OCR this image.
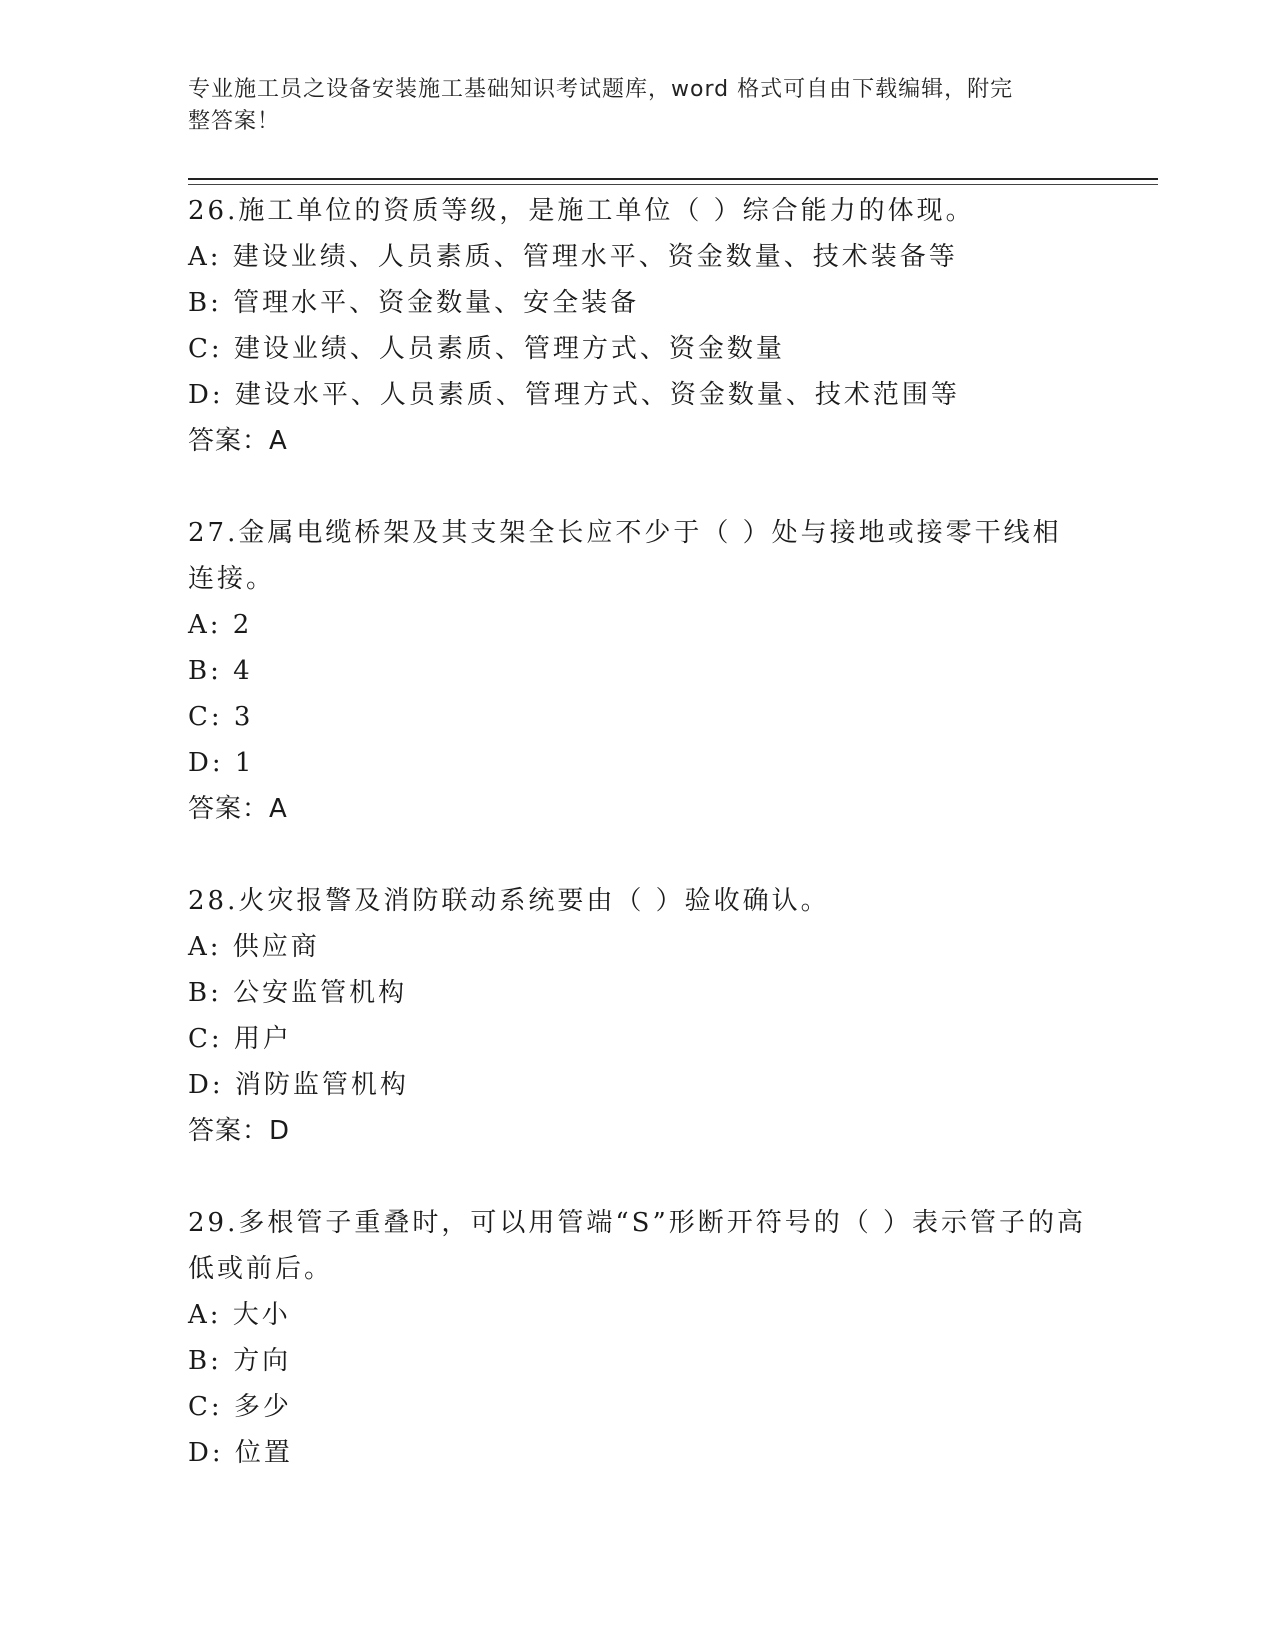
专业施工员之设备安装施工基础知识考试题库，word 格式可自由下载编辑，附完
整答案！
26.施工单位的资质等级，是施工单位（ ）综合能力的体现。
A: 建设业绩、人员素质、管理水平、资金数量、技术装备等
B: 管理水平、资金数量、安全装备
C: 建设业绩、人员素质、管理方式、资金数量
D: 建设水平、人员素质、管理方式、资金数量、技术范围等
答案：A
27.金属电缆桥架及其支架全长应不少于（ ）处与接地或接零干线相连接。
A: 2
B: 4
C: 3
D: 1
答案：A
28.火灾报警及消防联动系统要由（ ）验收确认。
A: 供应商
B: 公安监管机构
C: 用户
D: 消防监管机构
答案：D
29.多根管子重叠时，可以用管端“S”形断开符号的（ ）表示管子的高低或前后。
A: 大小
B: 方向
C: 多少
D: 位置
